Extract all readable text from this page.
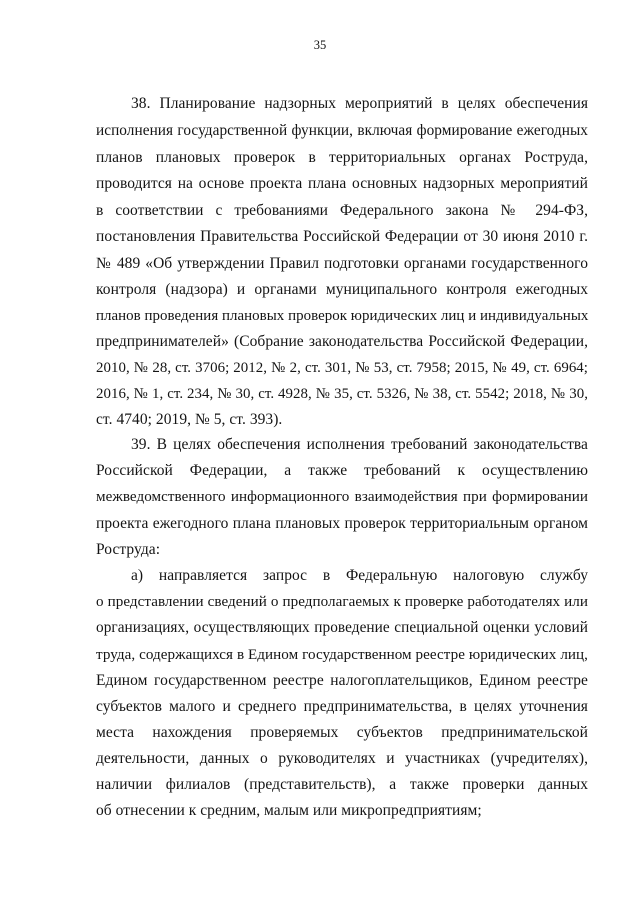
35
38. Планирование надзорных мероприятий в целях обеспечения
исполнения государственной функции, включая формирование ежегодных
планов плановых проверок в территориальных органах Роструда,
проводится на основе проекта плана основных надзорных мероприятий
в соответствии с требованиями Федерального закона № 294-ФЗ,
постановления Правительства Российской Федерации от 30 июня 2010 г.
№ 489 «Об утверждении Правил подготовки органами государственного
контроля (надзора) и органами муниципального контроля ежегодных
планов проведения плановых проверок юридических лиц и индивидуальных
предпринимателей» (Собрание законодательства Российской Федерации,
2010, № 28, ст. 3706; 2012, № 2, ст. 301, № 53, ст. 7958; 2015, № 49, ст. 6964;
2016, № 1, ст. 234, № 30, ст. 4928, № 35, ст. 5326, № 38, ст. 5542; 2018, № 30,
ст. 4740; 2019, № 5, ст. 393).
39. В целях обеспечения исполнения требований законодательства
Российской Федерации, а также требований к осуществлению
межведомственного информационного взаимодействия при формировании
проекта ежегодного плана плановых проверок территориальным органом
Роструда:
а) направляется запрос в Федеральную налоговую службу
о представлении сведений о предполагаемых к проверке работодателях или
организациях, осуществляющих проведение специальной оценки условий
труда, содержащихся в Едином государственном реестре юридических лиц,
Едином государственном реестре налогоплательщиков, Едином реестре
субъектов малого и среднего предпринимательства, в целях уточнения
места нахождения проверяемых субъектов предпринимательской
деятельности, данных о руководителях и участниках (учредителях),
наличии филиалов (представительств), а также проверки данных
об отнесении к средним, малым или микропредприятиям;
